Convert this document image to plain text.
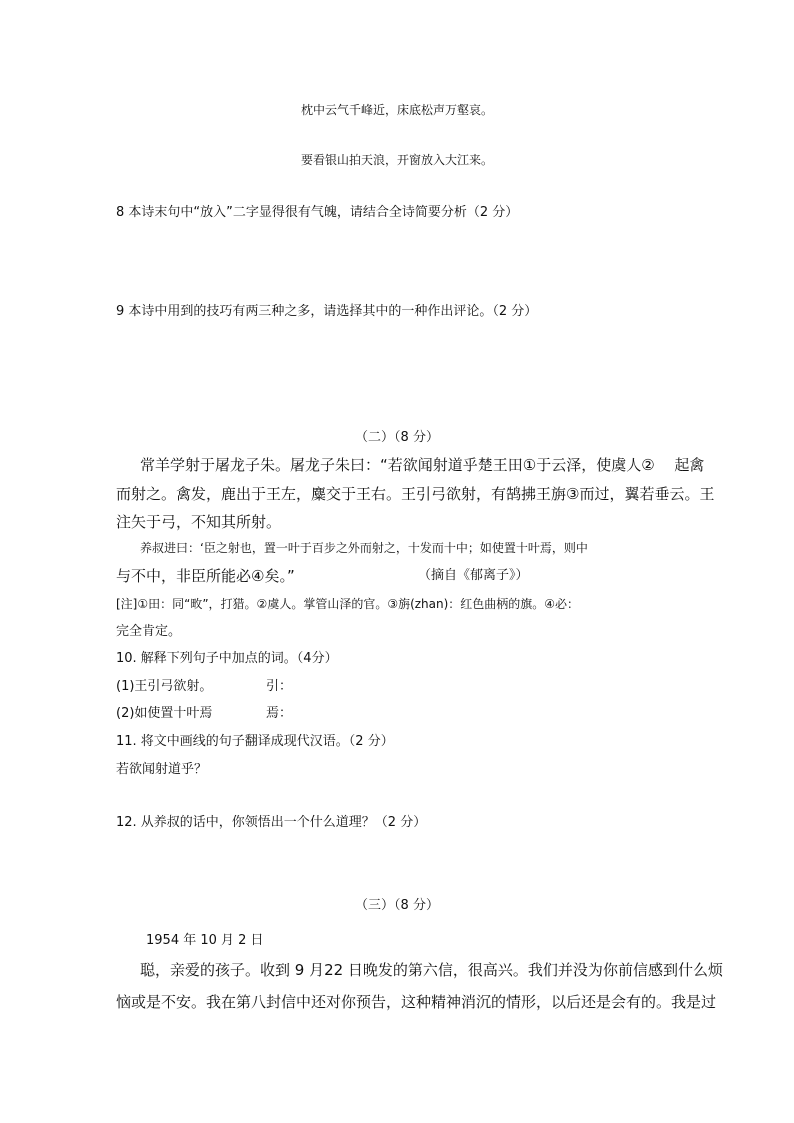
枕中云气千峰近，床底松声万壑哀。
要看银山拍天浪，开窗放入大江来。
8 本诗末句中“放入”二字显得很有气魄，请结合全诗简要分析（2 分）
9 本诗中用到的技巧有两三种之多，请选择其中的一种作出评论。（2 分）
（二）（8 分）
常羊学射于屠龙子朱。屠龙子朱曰：“若欲闻射道乎楚王田①于云泽，使虞人②　 起禽
而射之。禽发，鹿出于王左，麋交于王右。王引弓欲射，有鹄拂王旃③而过，翼若垂云。王
注矢于弓，不知其所射。
养叔进曰：‘臣之射也，置一叶于百步之外而射之，十发而十中；如使置十叶焉，则中
与不中，非臣所能必④矣。”	（摘自《郁离子》）
[注]①田：同“畋”，打猎。②虞人。掌管山泽的官。③旃(zhan)：红色曲柄的旗。④必：
完全肯定。
10. 解释下列句子中加点的词。（4分）
(1)王引弓欲射。	引：
(2)如使置十叶焉	焉：
11. 将文中画线的句子翻译成现代汉语。（2 分）
若欲闻射道乎？
12. 从养叔的话中，你领悟出一个什么道理？（2 分）
（三）（8 分）
1954 年 10 月 2 日
聪，亲爱的孩子。收到 9 月22 日晚发的第六信，很高兴。我们并没为你前信感到什么烦
恼或是不安。我在第八封信中还对你预告，这种精神消沉的情形，以后还是会有的。我是过
